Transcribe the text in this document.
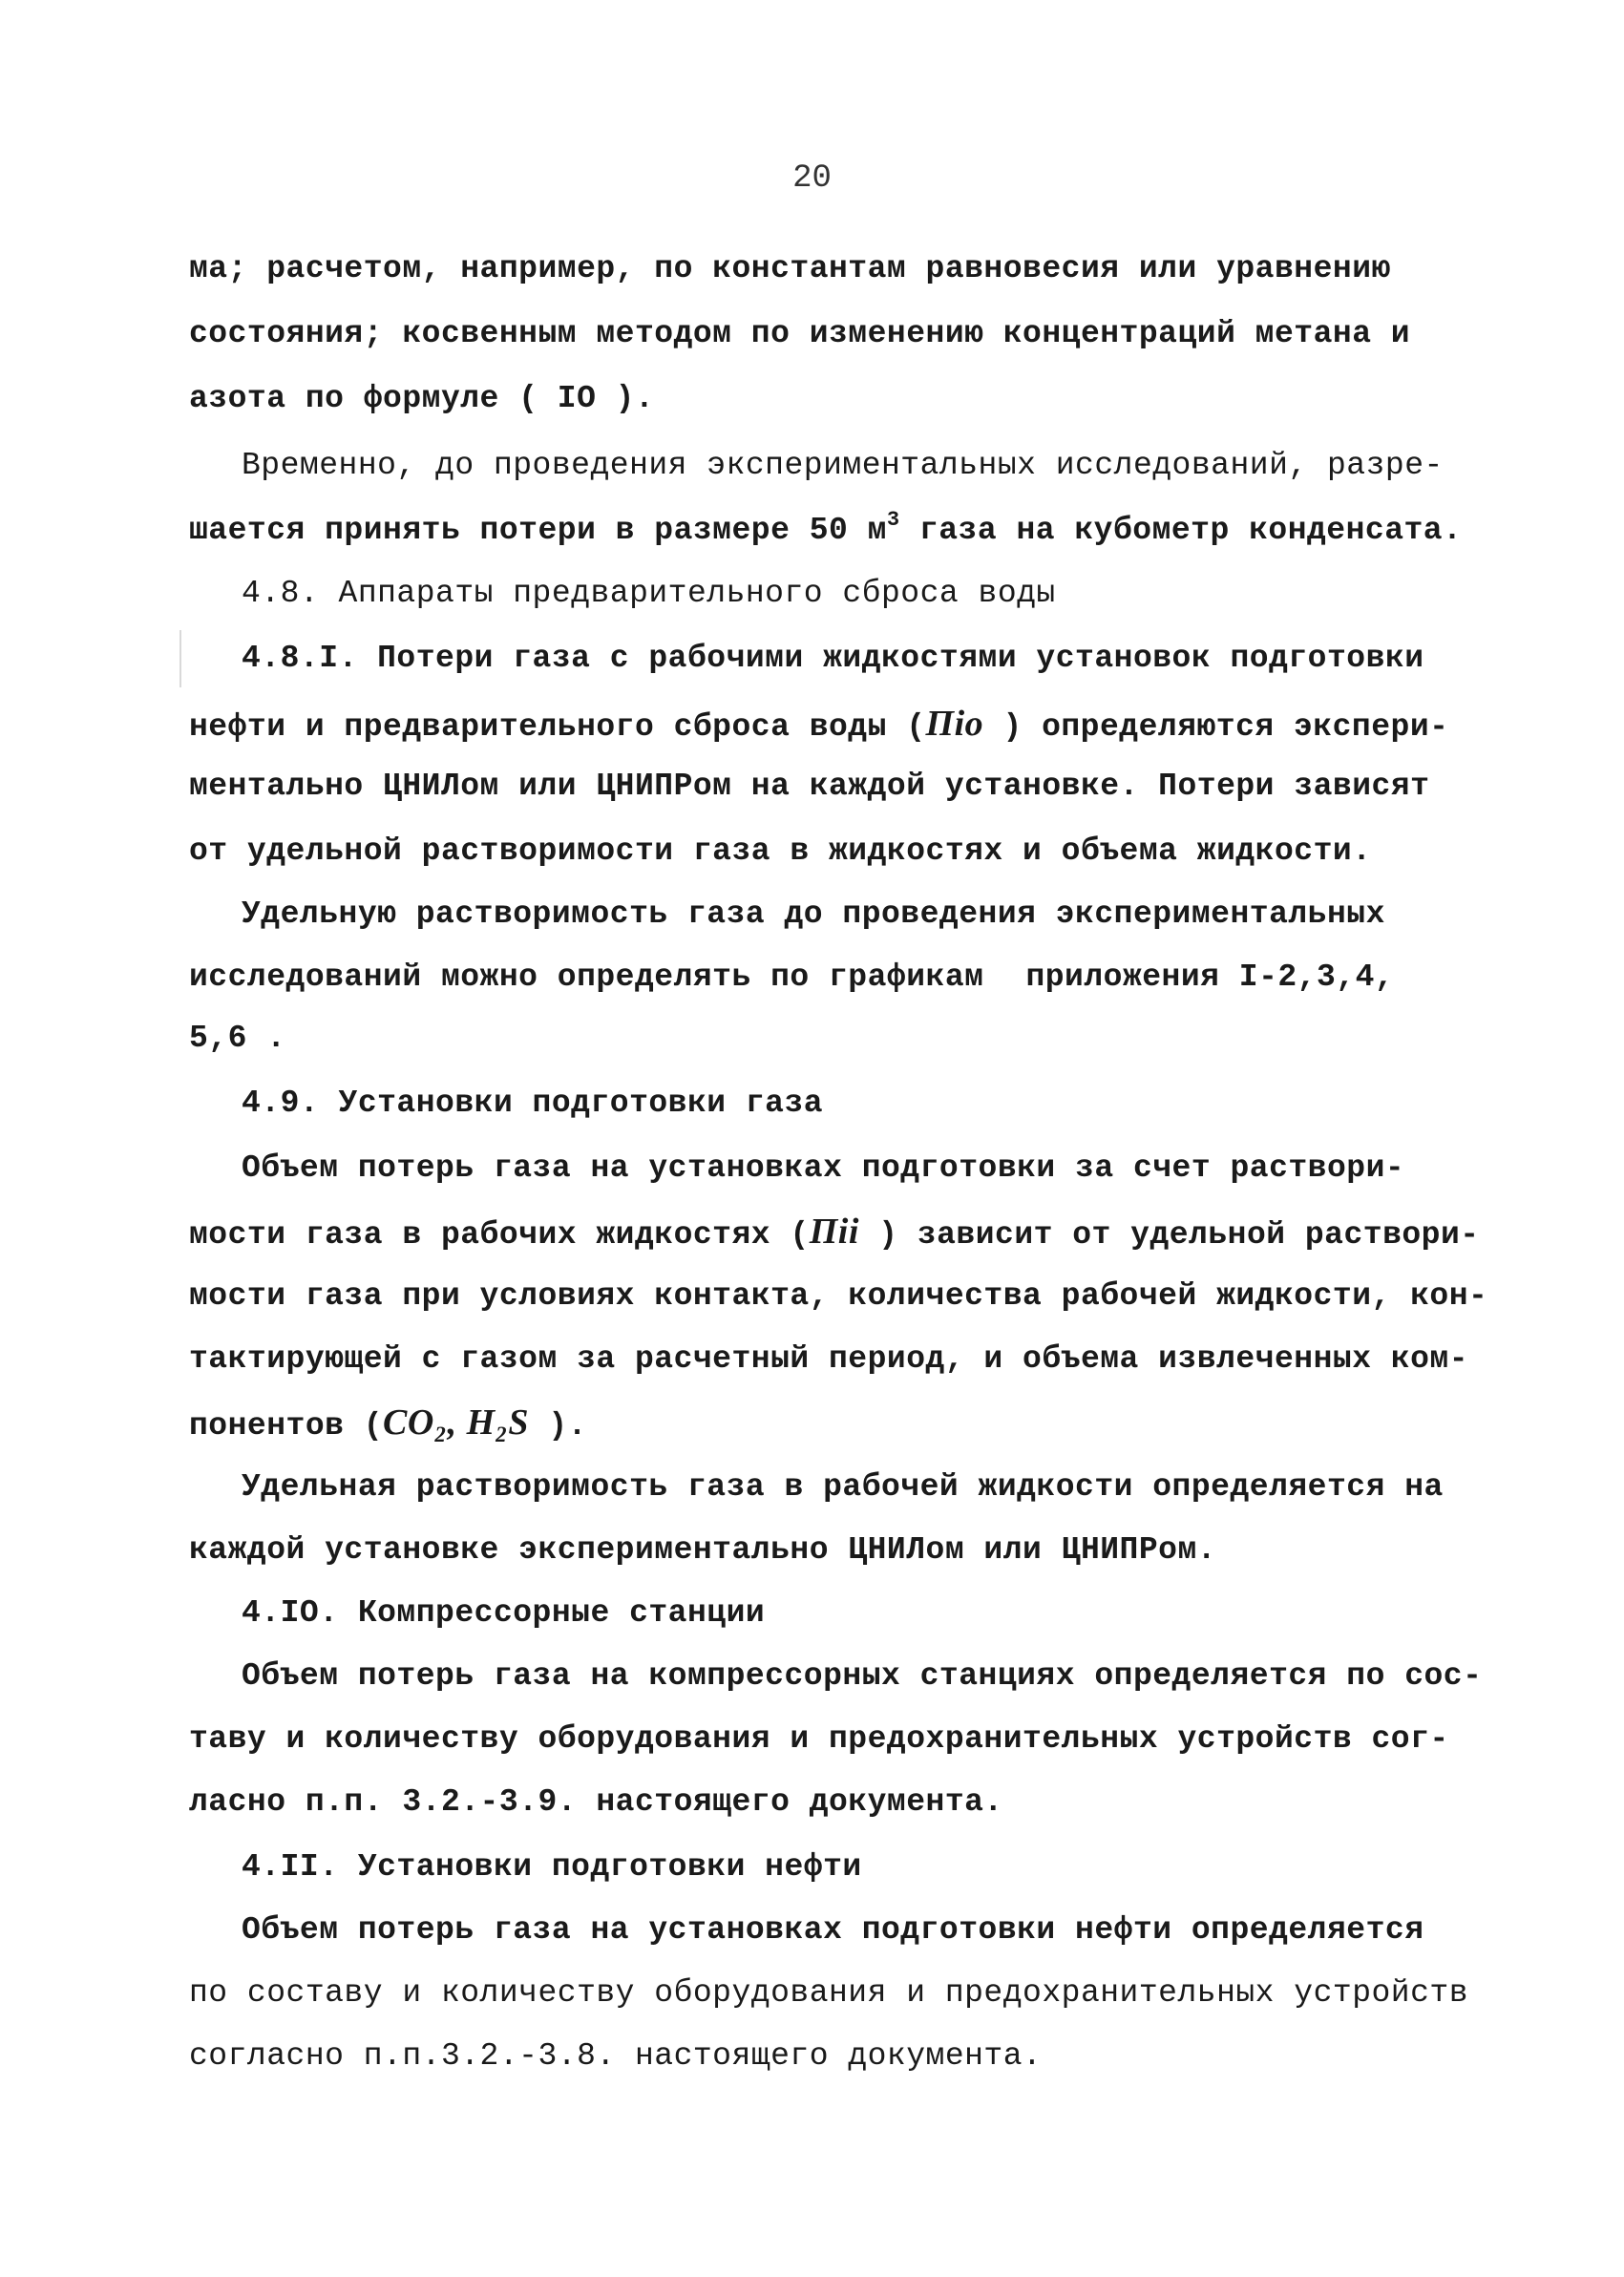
20
ма; расчетом, например, по константам равновесия или уравнению
состояния; косвенным методом по изменению концентраций метана и
азота по формуле ( IО ).
Временно, до проведения экспериментальных исследований, разре-
шается принять потери в размере 50 $м^3$ газа на кубометр конденсата.
4.8. Аппараты предварительного сброса воды
4.8.I. Потери газа с рабочими жидкостями установок подготовки
нефти и предварительного сброса воды (Пio ) определяются экспери-
ментально ЦНИЛом или ЦНИПРом на каждой установке. Потери зависят
от удельной растворимости газа в жидкостях и объема жидкости.
Удельную растворимость газа до проведения экспериментальных
исследований можно определять по графикам приложения I-2,3,4,
5,6 .
4.9. Установки подготовки газа
Объем потерь газа на установках подготовки за счет раствори-
мости газа в рабочих жидкостях (Пii ) зависит от удельной раствори-
мости газа при условиях контакта, количества рабочей жидкости, кон-
тактирующей с газом за расчетный период, и объема извлеченных ком-
понентов (CO₂, H₂S ).
Удельная растворимость газа в рабочей жидкости определяется на
каждой установке экспериментально ЦНИЛом или ЦНИПРом.
4.IО. Компрессорные станции
Объем потерь газа на компрессорных станциях определяется по сос-
таву и количеству оборудования и предохранительных устройств сог-
ласно п.п. 3.2.-3.9. настоящего документа.
4.II. Установки подготовки нефти
Объем потерь газа на установках подготовки нефти определяется
по составу и количеству оборудования и предохранительных устройств
согласно п.п.3.2.-3.8. настоящего документа.
